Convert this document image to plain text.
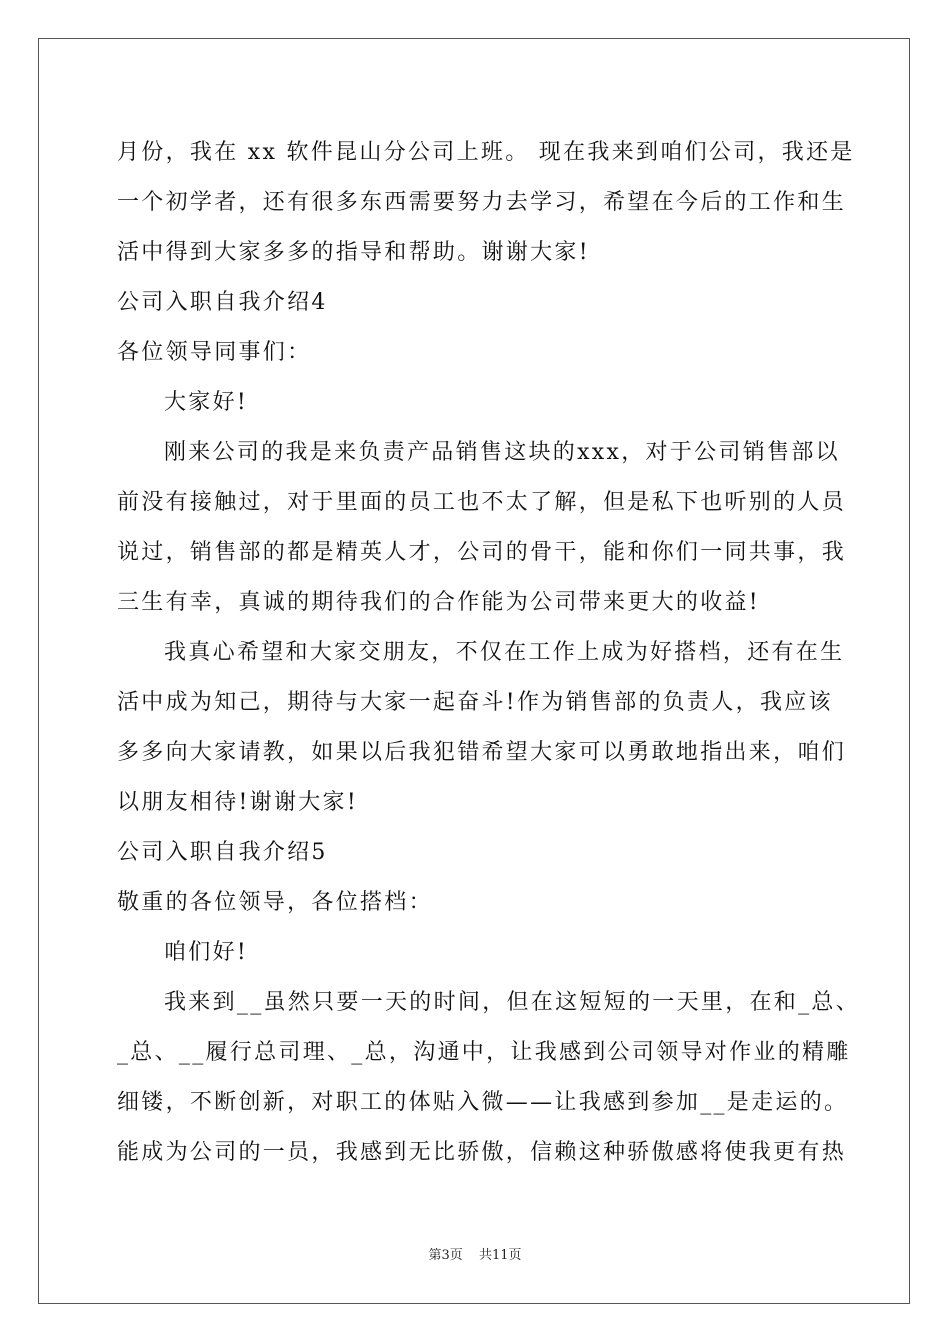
月份，我在 xx 软件昆山分公司上班。 现在我来到咱们公司，我还是
一个初学者，还有很多东西需要努力去学习，希望在今后的工作和生
活中得到大家多多的指导和帮助。谢谢大家!
公司入职自我介绍4
各位领导同事们：
大家好!
刚来公司的我是来负责产品销售这块的xxx，对于公司销售部以
前没有接触过，对于里面的员工也不太了解，但是私下也听别的人员
说过，销售部的都是精英人才，公司的骨干，能和你们一同共事，我
三生有幸，真诚的期待我们的合作能为公司带来更大的收益!
我真心希望和大家交朋友，不仅在工作上成为好搭档，还有在生
活中成为知己，期待与大家一起奋斗!作为销售部的负责人，我应该
多多向大家请教，如果以后我犯错希望大家可以勇敢地指出来，咱们
以朋友相待!谢谢大家!
公司入职自我介绍5
敬重的各位领导，各位搭档：
咱们好!
我来到__虽然只要一天的时间，但在这短短的一天里，在和_总、
_总、__履行总司理、_总，沟通中，让我感到公司领导对作业的精雕
细镂，不断创新，对职工的体贴入微——让我感到参加__是走运的。
能成为公司的一员，我感到无比骄傲，信赖这种骄傲感将使我更有热
第3页 共11页
